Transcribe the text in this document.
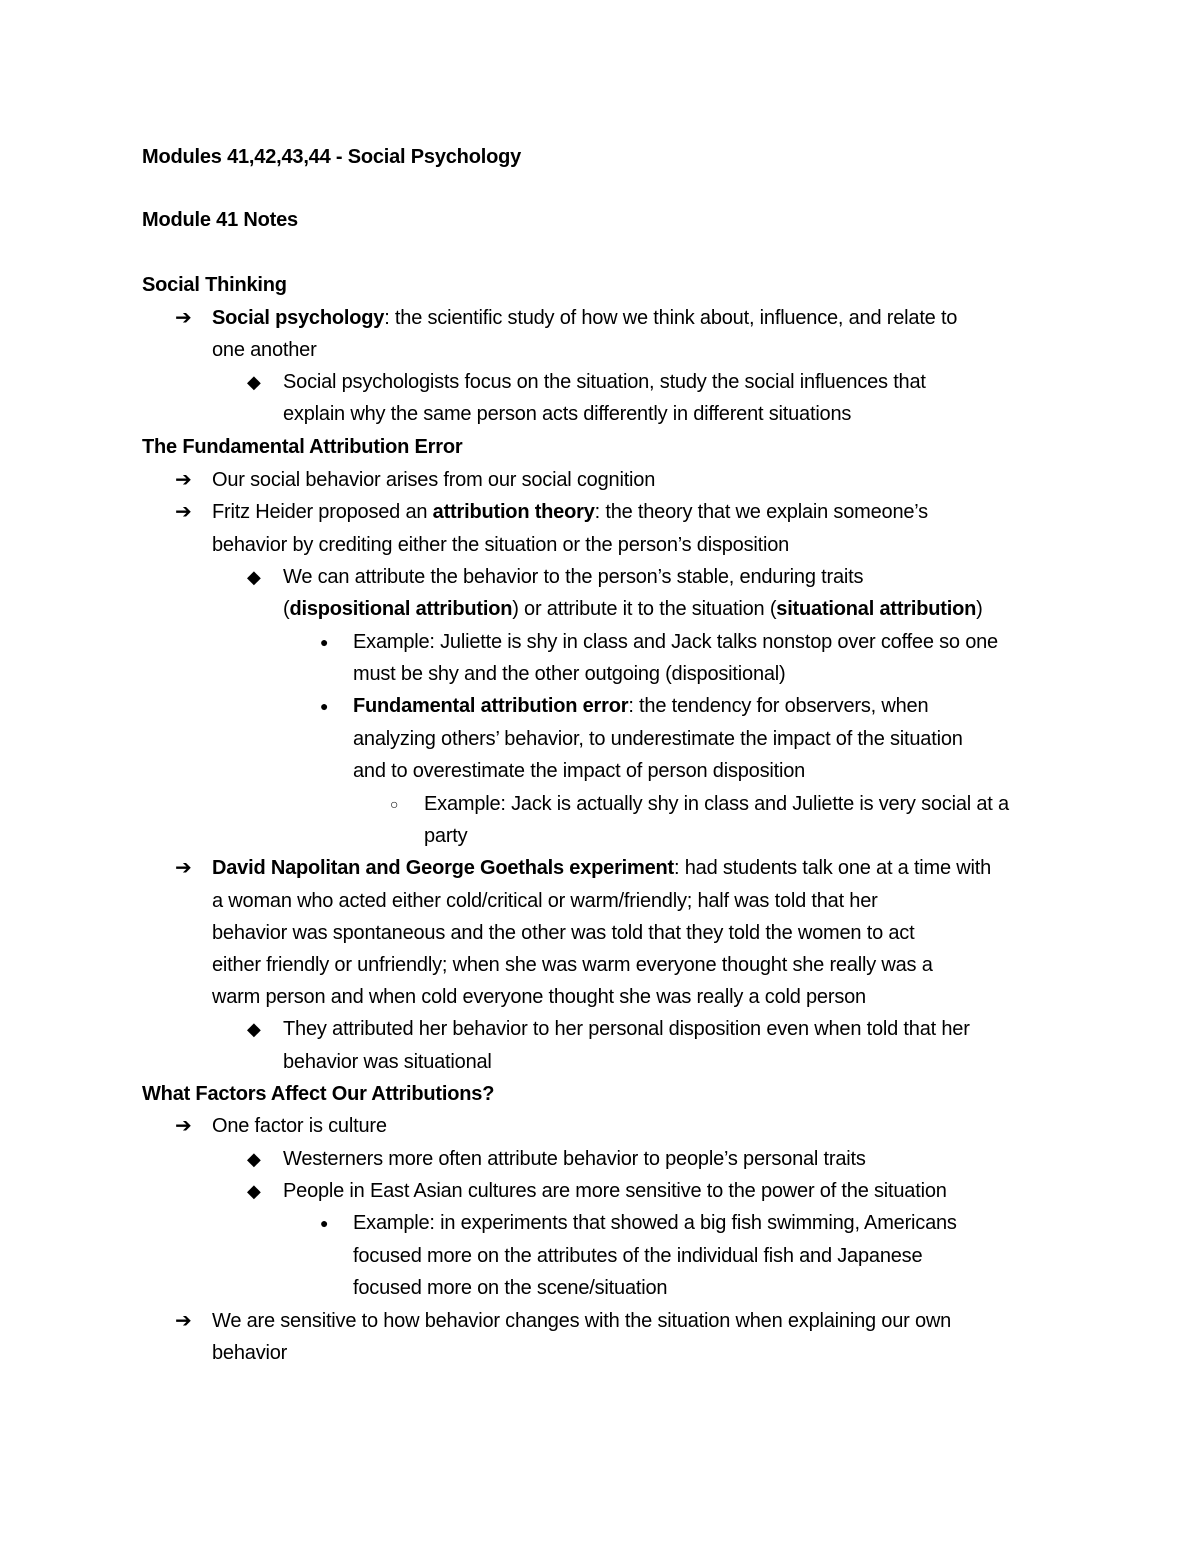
Modules 41,42,43,44 - Social Psychology
Module 41 Notes
Social Thinking
➔ Social psychology: the scientific study of how we think about, influence, and relate to
one another
◆ Social psychologists focus on the situation, study the social influences that
explain why the same person acts differently in different situations
The Fundamental Attribution Error
➔ Our social behavior arises from our social cognition
➔ Fritz Heider proposed an attribution theory: the theory that we explain someone’s
behavior by crediting either the situation or the person’s disposition
◆ We can attribute the behavior to the person’s stable, enduring traits
(dispositional attribution) or attribute it to the situation (situational attribution)
● Example: Juliette is shy in class and Jack talks nonstop over coffee so one
must be shy and the other outgoing (dispositional)
● Fundamental attribution error: the tendency for observers, when
analyzing others’ behavior, to underestimate the impact of the situation
and to overestimate the impact of person disposition
○ Example: Jack is actually shy in class and Juliette is very social at a
party
➔ David Napolitan and George Goethals experiment: had students talk one at a time with
a woman who acted either cold/critical or warm/friendly; half was told that her
behavior was spontaneous and the other was told that they told the women to act
either friendly or unfriendly; when she was warm everyone thought she really was a
warm person and when cold everyone thought she was really a cold person
◆ They attributed her behavior to her personal disposition even when told that her
behavior was situational
What Factors Affect Our Attributions?
➔ One factor is culture
◆ Westerners more often attribute behavior to people’s personal traits
◆ People in East Asian cultures are more sensitive to the power of the situation
● Example: in experiments that showed a big fish swimming, Americans
focused more on the attributes of the individual fish and Japanese
focused more on the scene/situation
➔ We are sensitive to how behavior changes with the situation when explaining our own
behavior
